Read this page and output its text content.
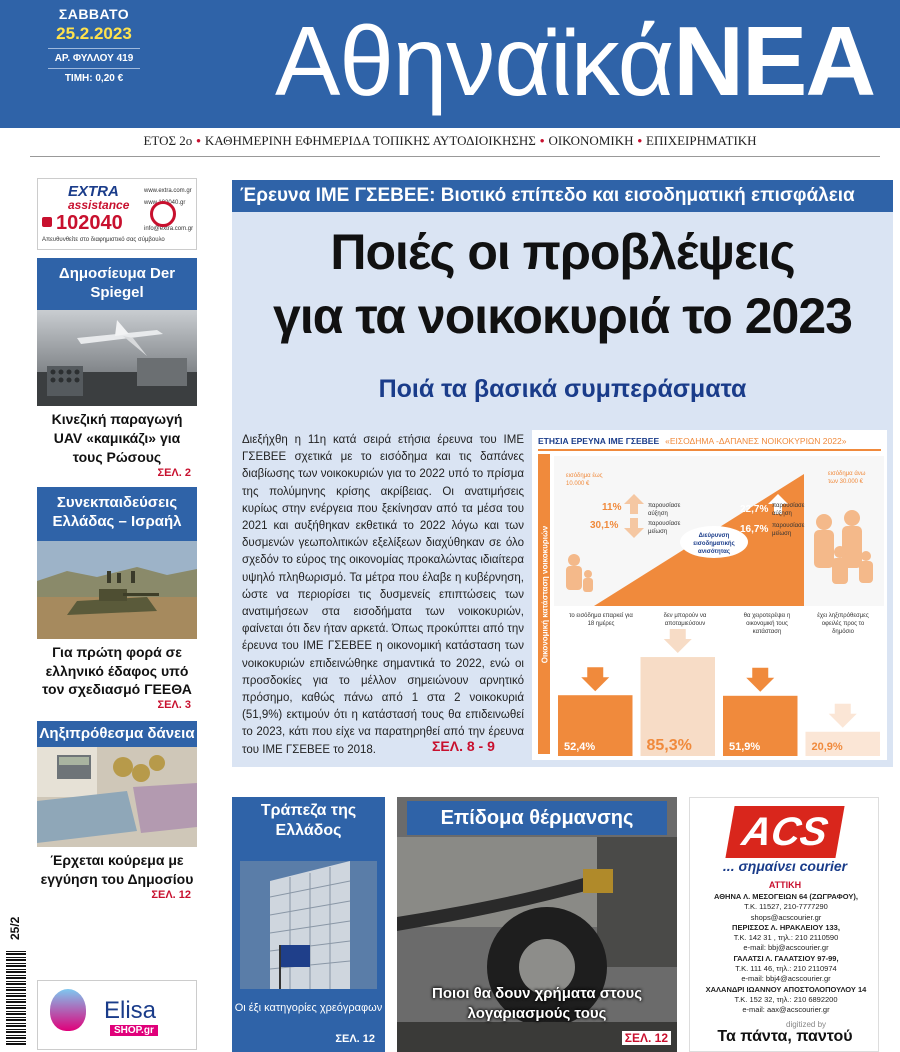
ΣΑΒΒΑΤΟ
25.2.2023
ΑΡ. ΦΥΛΛΟΥ 419
ΤΙΜΗ: 0,20 € ΑθηναϊκάΝΕΑ
ΕΤΟΣ 2ο • ΚΑΘΗΜΕΡΙΝΗ ΕΦΗΜΕΡΙΔΑ ΤΟΠΙΚΗΣ ΑΥΤΟΔΙΟΙΚΗΣΗΣ • ΟΙΚΟΝΟΜΙΚΗ • ΕΠΙΧΕΙΡΗΜΑΤΙΚΗ
EXTRA
assistance
102040
www.extra.com.gr
www.102040.gr
info@extra.com.gr
Απευθυνθείτε στο διαφημιστικό σας σύμβουλο
Δημοσίευμα Der Spiegel
Κινεζική παραγωγή UAV «καμικάζι» για τους Ρώσους
ΣΕΛ. 2
Συνεκπαιδεύσεις Ελλάδας – Ισραήλ
Για πρώτη φορά σε ελληνικό έδαφος υπό τον σχεδιασμό ΓΕΕΘΑ
ΣΕΛ. 3
Ληξιπρόθεσμα δάνεια
Έρχεται κούρεμα με εγγύηση του Δημοσίου
ΣΕΛ. 12
25/2
Elisa
SHOP.gr
Έρευνα ΙΜΕ ΓΣΕΒΕΕ: Βιοτικό επίπεδο και εισοδηματική επισφάλεια
Ποιές οι προβλέψεις
για τα νοικοκυριά το 2023
Ποιά τα βασικά συμπεράσματα
Διεξήχθη η 11η κατά σειρά ετήσια έρευνα του ΙΜΕ ΓΣΕΒΕΕ σχετικά με το εισόδημα και τις δαπάνες διαβίωσης των νοικοκυριών για το 2022 υπό το πρίσμα της πολύμηνης κρίσης ακρίβειας. Οι ανατιμήσεις κυρίως στην ενέργεια που ξεκίνησαν από τα μέσα του 2021 και αυξήθηκαν εκθετικά το 2022 λόγω και των δυσμενών γεωπολιτικών εξελίξεων διαχύθηκαν σε όλο σχεδόν το εύρος της οικονομίας προκαλώντας ιδιαίτερα υψηλό πληθωρισμό. Τα μέτρα που έλαβε η κυβέρνηση, ώστε να περιορίσει τις δυσμενείς επιπτώσεις των ανατιμήσεων στα εισοδήματα των νοικοκυριών, φαίνεται ότι δεν ήταν αρκετά. Όπως προκύπτει από την έρευνα του ΙΜΕ ΓΣΕΒΕΕ η οικονομική κατάσταση των νοικοκυριών επιδεινώθηκε σημαντικά το 2022, ενώ οι προσδοκίες για το μέλλον σημειώνουν αρνητικό πρόσημο, καθώς πάνω από 1 στα 2 νοικοκυριά (51,9%) εκτιμούν ότι η κατάστασή τους θα επιδεινωθεί το 2023, κάτι που είχε να παρατηρηθεί από την έρευνα του ΙΜΕ ΓΣΕΒΕΕ το 2018.	ΣΕΛ. 8 - 9
ΕΤΗΣΙΑ ΕΡΕΥΝΑ ΙΜΕ ΓΣΕΒΕΕ «ΕΙΣΟΔΗΜΑ -ΔΑΠΑΝΕΣ ΝΟΙΚΟΚΥΡΙΩΝ 2022»
Οικονομική κατάσταση νοικοκυριών
εισόδημα έως 10.000 €
εισόδημα άνω των 30.000 €
11%
30,1%
παρουσίασε αύξηση
παρουσίασε μείωση
Διεύρυνση εισοδηματικής ανισότητας
22,7%
16,7%
παρουσίασε αύξηση
παρουσίασε μείωση
52,4%	85,3%	51,9%	20,9%
το εισόδημα επαρκεί για 18 ημέρες
δεν μπορούν να αποταμιεύσουν
θα χειροτερέψει η οικονομική τους κατάσταση
έχει ληξιπρόθεσμες οφειλές προς το δημόσιο
Τράπεζα της Ελλάδος
Οι έξι κατηγορίες χρεόγραφων
ΣΕΛ. 12
Επίδομα θέρμανσης
Ποιοι θα δουν χρήματα στους λογαριασμούς τους
ΣΕΛ. 12
ACS
... σημαίνει courier
ΑΤΤΙΚΗ
ΑΘΗΝΑ Λ. ΜΕΣΟΓΕΙΩΝ 64 (ΖΩΓΡΑΦΟΥ),
Τ.Κ. 11527, 210-7777290
shops@acscourier.gr
ΠΕΡΙΣΣΟΣ Λ. ΗΡΑΚΛΕΙΟΥ 133,
Τ.Κ. 142 31 , τηλ.: 210 2110590
e-mail: bbj@acscourier.gr
ΓΑΛΑΤΣΙ Λ. ΓΑΛΑΤΣΙΟΥ 97-99,
Τ.Κ. 111 46, τηλ.: 210 2110974
e-mail: bbj4@acscourier.gr
ΧΑΛΑΝΔΡΙ ΙΩΑΝΝΟΥ ΑΠΟΣΤΟΛΟΠΟΥΛΟΥ 14
Τ.Κ. 152 32, τηλ.: 210 6892200
e-mail: aax@acscourier.gr
digitized by
Τα πάντα, παντού
